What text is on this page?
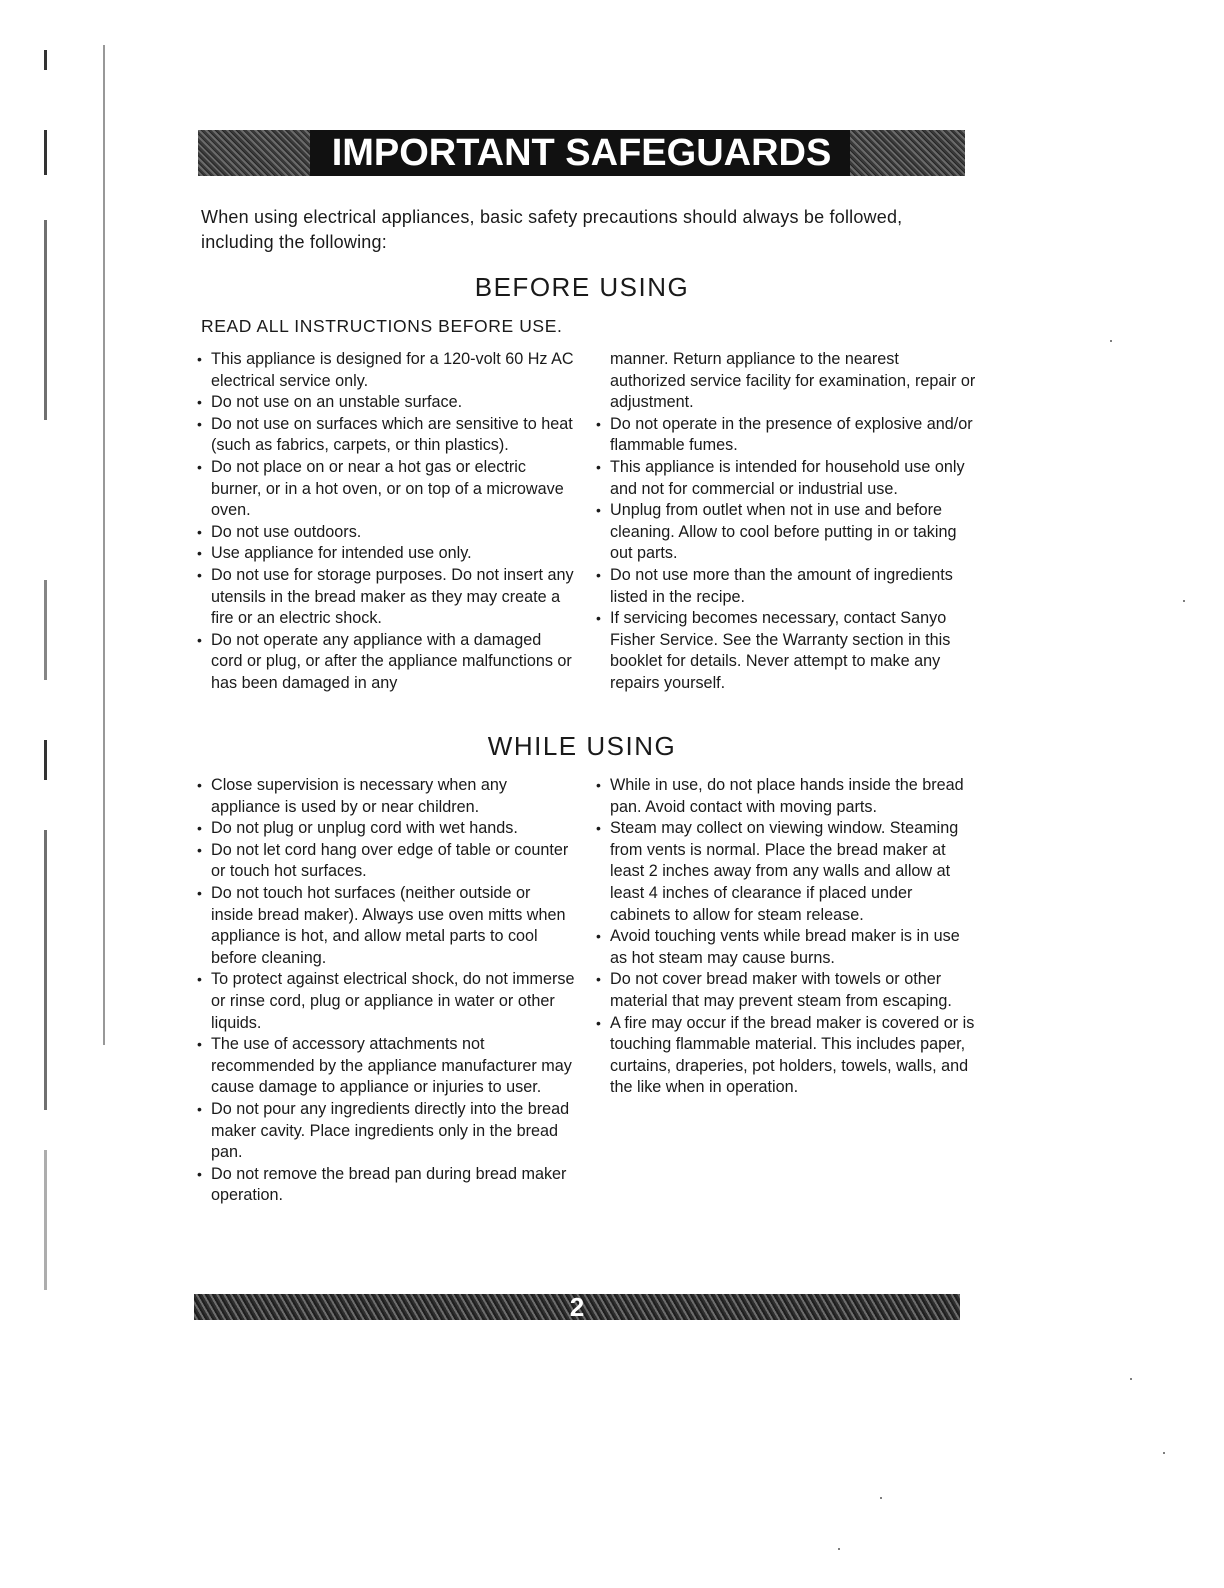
IMPORTANT SAFEGUARDS
When using electrical appliances, basic safety precautions should always be followed, including the following:
BEFORE USING
READ ALL INSTRUCTIONS BEFORE USE.
• This appliance is designed for a 120-volt 60 Hz AC electrical service only.
• Do not use on an unstable surface.
• Do not use on surfaces which are sensitive to heat (such as fabrics, carpets, or thin plastics).
• Do not place on or near a hot gas or electric burner, or in a hot oven, or on top of a microwave oven.
• Do not use outdoors.
• Use appliance for intended use only.
• Do not use for storage purposes. Do not insert any utensils in the bread maker as they may create a fire or an electric shock.
• Do not operate any appliance with a damaged cord or plug, or after the appliance malfunctions or has been damaged in any
manner. Return appliance to the nearest authorized service facility for examination, repair or adjustment.
• Do not operate in the presence of explosive and/or flammable fumes.
• This appliance is intended for household use only and not for commercial or industrial use.
• Unplug from outlet when not in use and before cleaning. Allow to cool before putting in or taking out parts.
• Do not use more than the amount of ingredients listed in the recipe.
• If servicing becomes necessary, contact Sanyo Fisher Service. See the Warranty section in this booklet for details. Never attempt to make any repairs yourself.
WHILE USING
• Close supervision is necessary when any appliance is used by or near children.
• Do not plug or unplug cord with wet hands.
• Do not let cord hang over edge of table or counter or touch hot surfaces.
• Do not touch hot surfaces (neither outside or inside bread maker). Always use oven mitts when appliance is hot, and allow metal parts to cool before cleaning.
• To protect against electrical shock, do not immerse or rinse cord, plug or appliance in water or other liquids.
• The use of accessory attachments not recommended by the appliance manufacturer may cause damage to appliance or injuries to user.
• Do not pour any ingredients directly into the bread maker cavity. Place ingredients only in the bread pan.
• Do not remove the bread pan during bread maker operation.
• While in use, do not place hands inside the bread pan. Avoid contact with moving parts.
• Steam may collect on viewing window. Steaming from vents is normal. Place the bread maker at least 2 inches away from any walls and allow at least 4 inches of clearance if placed under cabinets to allow for steam release.
• Avoid touching vents while bread maker is in use as hot steam may cause burns.
• Do not cover bread maker with towels or other material that may prevent steam from escaping.
• A fire may occur if the bread maker is covered or is touching flammable material. This includes paper, curtains, draperies, pot holders, towels, walls, and the like when in operation.
2
